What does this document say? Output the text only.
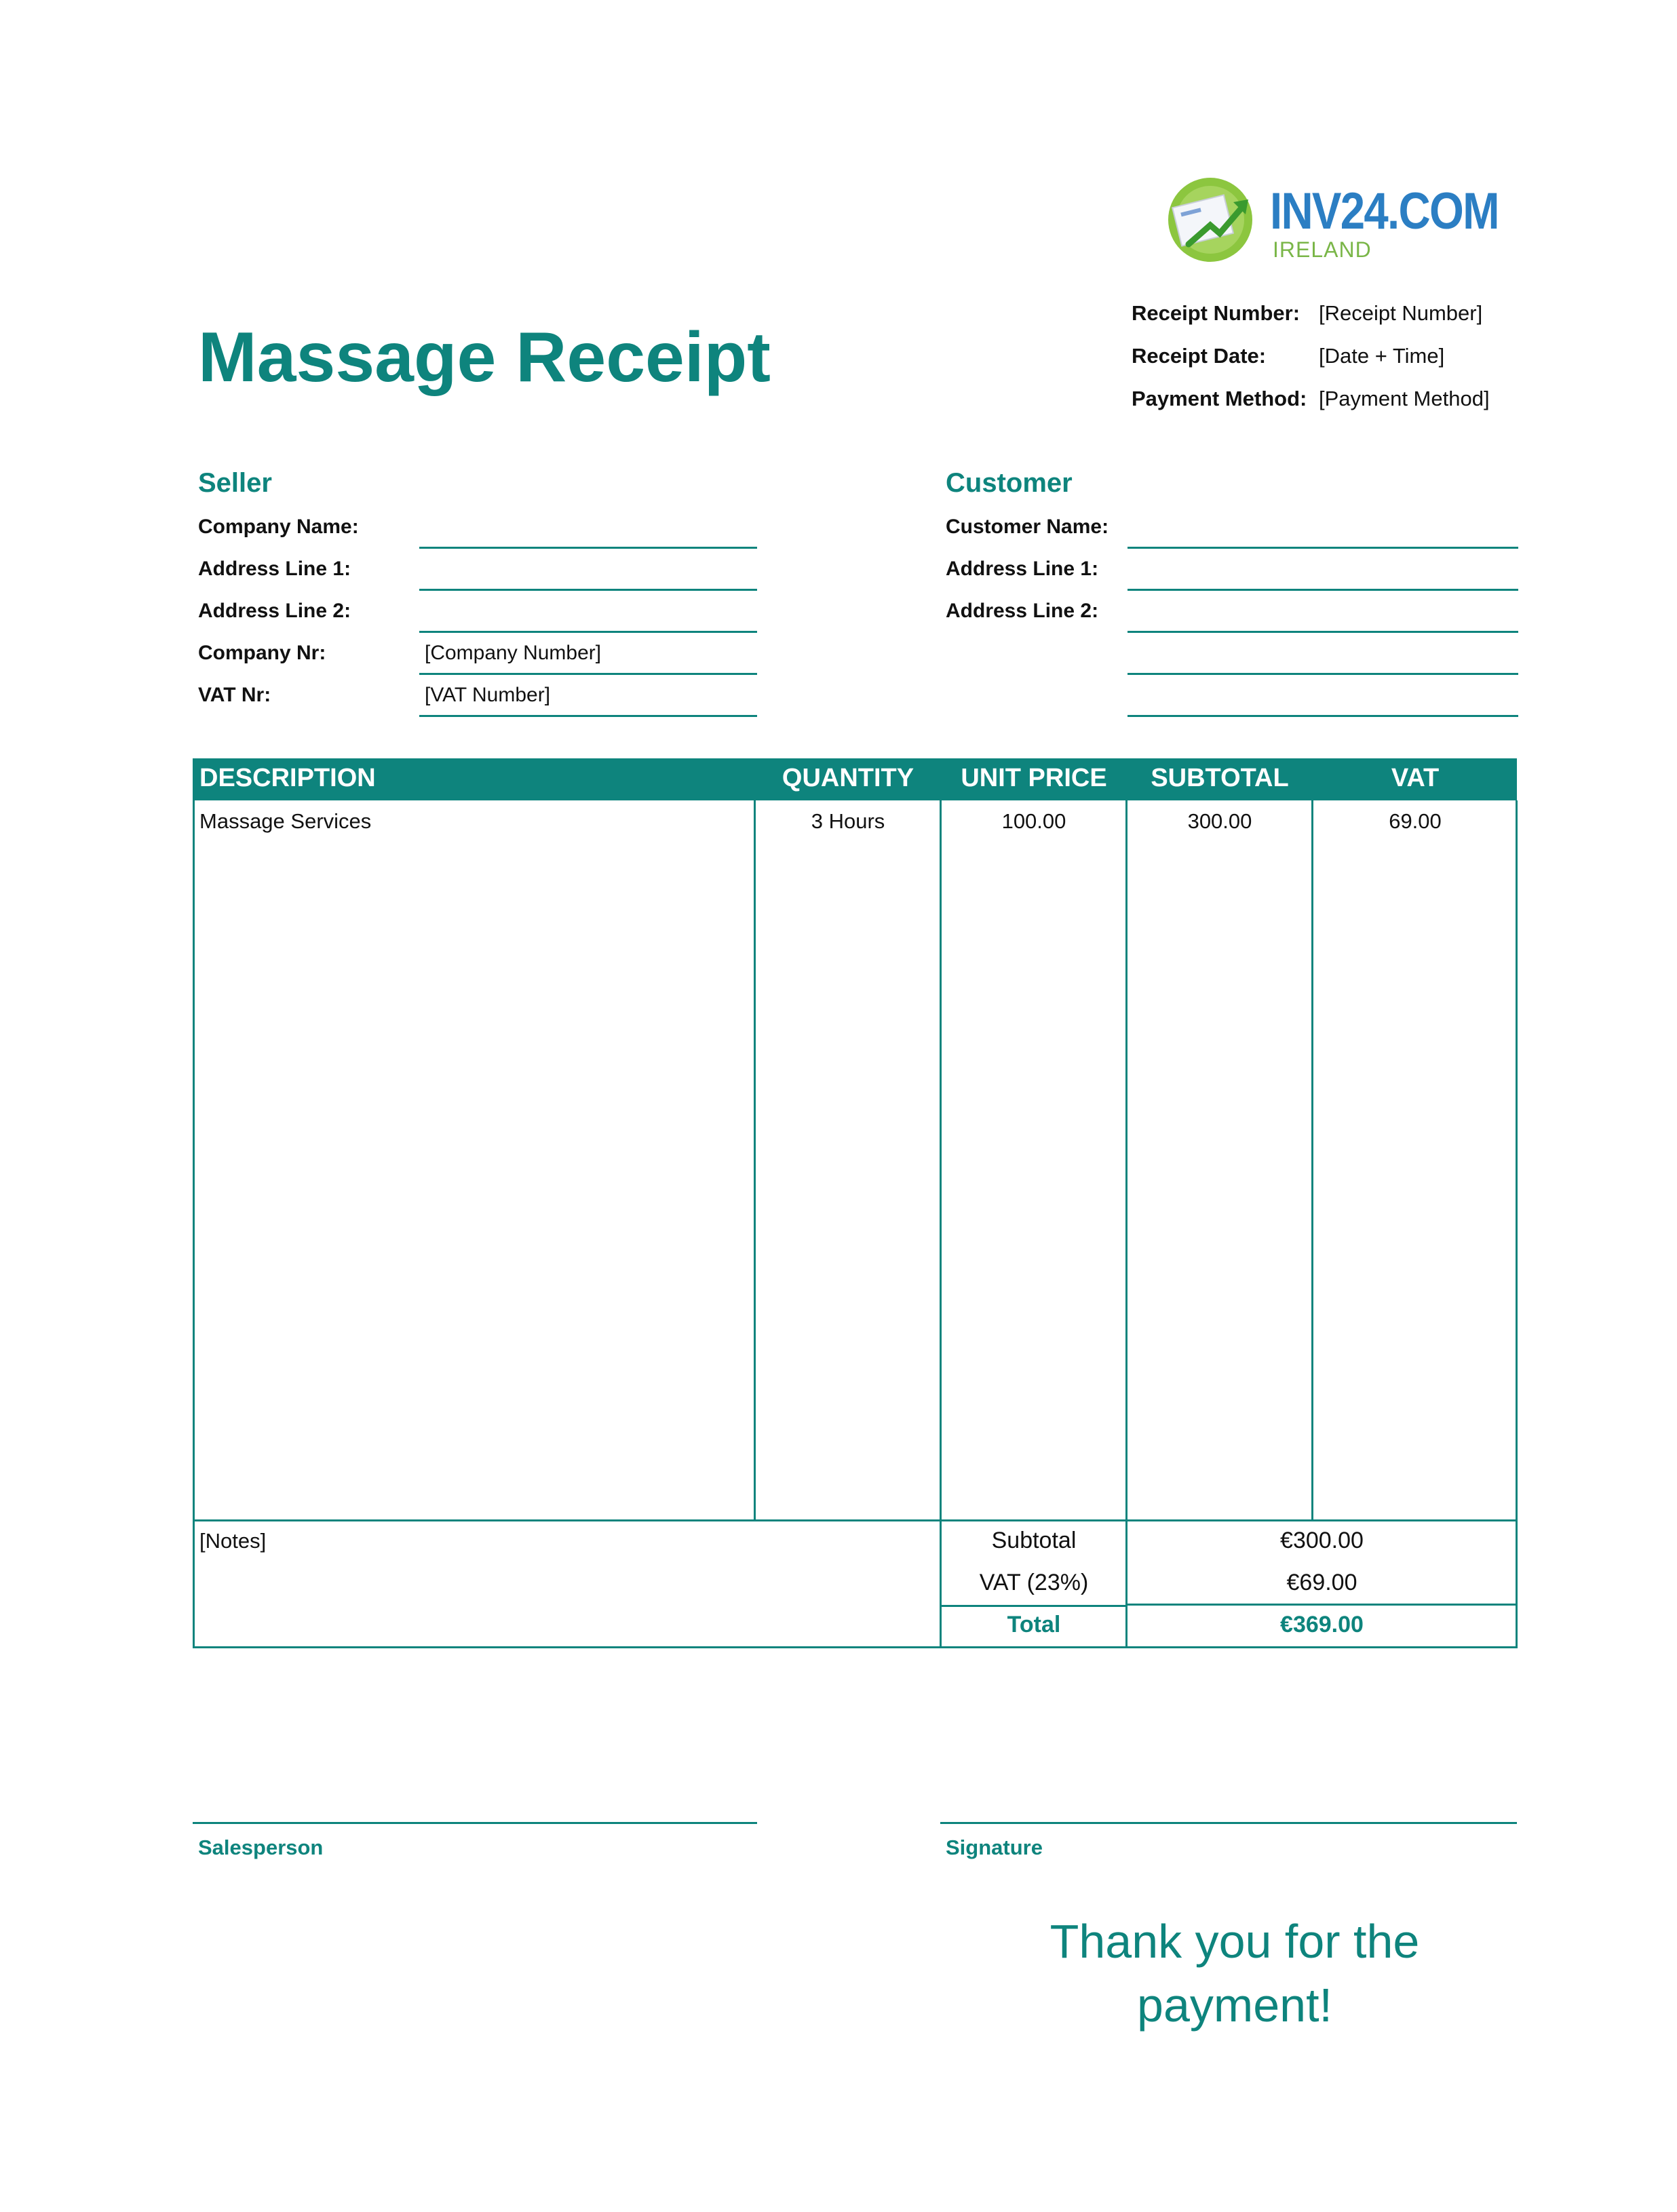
INV24.COM
IRELAND
Massage Receipt
Receipt Number: [Receipt Number]
Receipt Date:	[Date + Time]
Payment Method: [Payment Method]
Seller
Company Name:
Address Line 1:
Address Line 2:
Company Nr:	[Company Number]
VAT Nr:	[VAT Number]
Customer
Customer Name:
Address Line 1:
Address Line 2:
DESCRIPTION	QUANTITY	UNIT PRICE	SUBTOTAL	VAT
Massage Services	3 Hours	100.00	300.00	69.00
[Notes]	Subtotal	€300.00
VAT (23%)	€69.00
Total	€369.00
Salesperson	Signature
Thank you for the payment!
